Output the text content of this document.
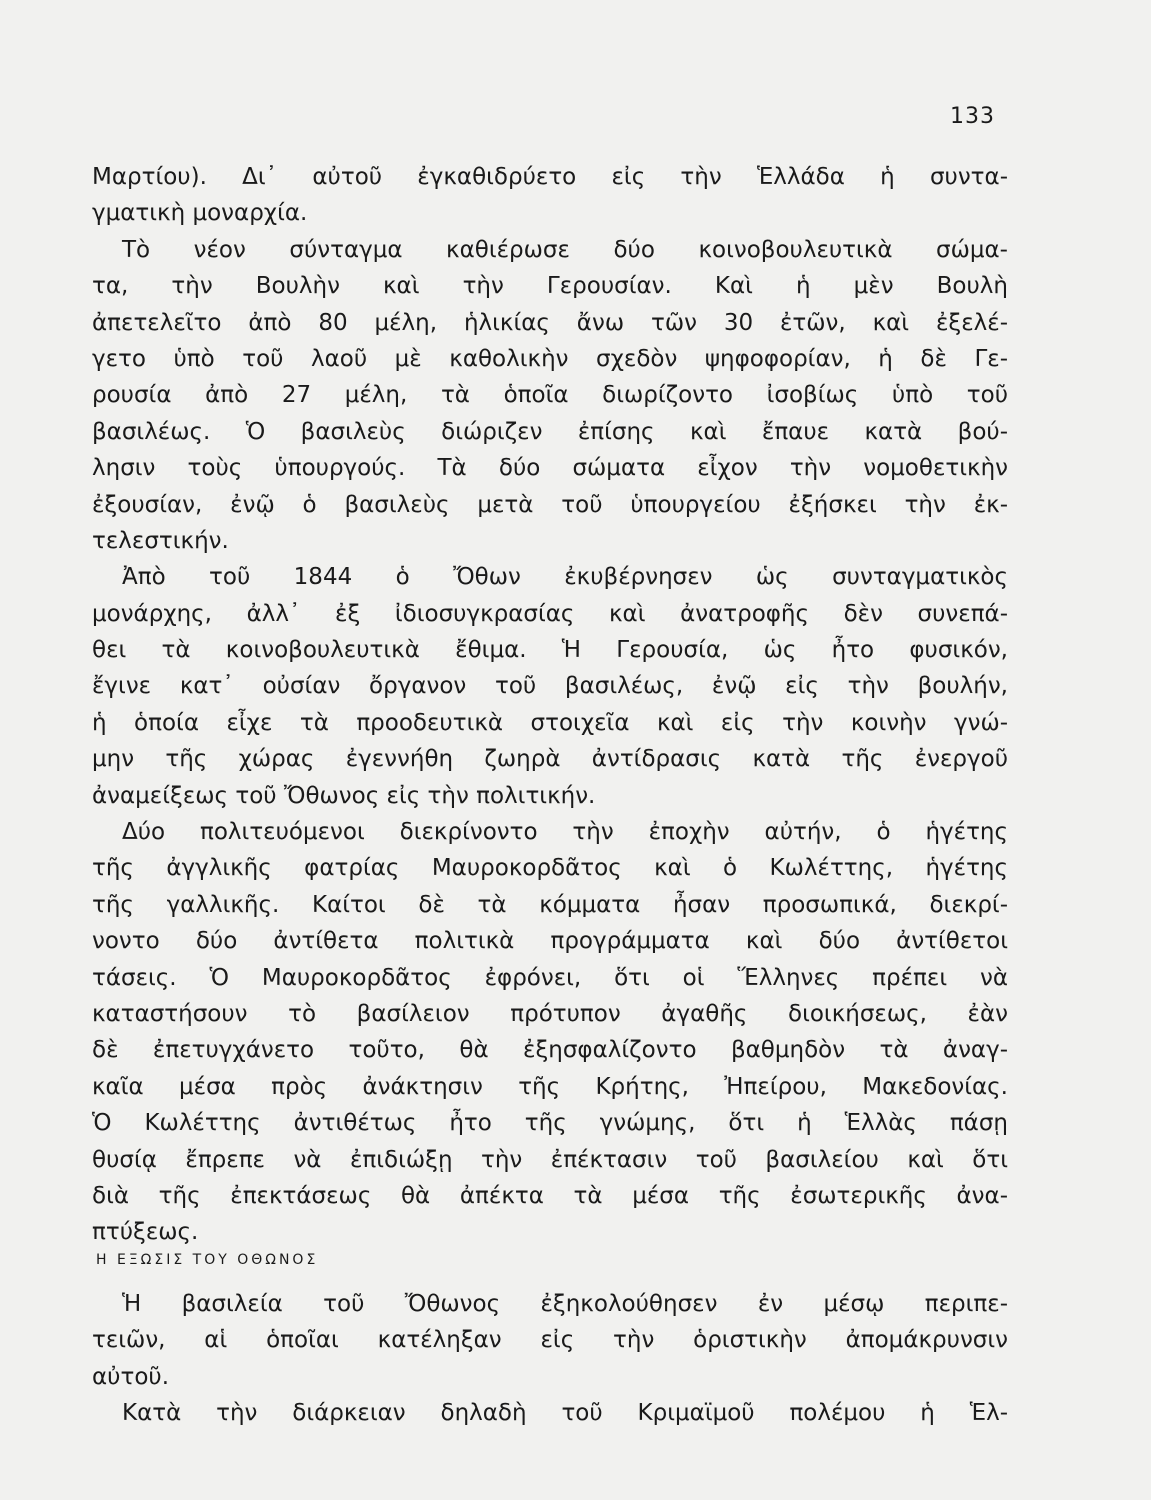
133
Μαρτίου). Δι᾽ αὐτοῦ ἐγκαθιδρύετο εἰς τὴν Ἑλλάδα ἡ συντα-
γματικὴ μοναρχία.
Τὸ νέον σύνταγμα καθιέρωσε δύο κοινοβουλευτικὰ σώμα-
τα, τὴν Βουλὴν καὶ τὴν Γερουσίαν. Καὶ ἡ μὲν Βουλὴ
ἀπετελεῖτο ἀπὸ 80 μέλη, ἡλικίας ἄνω τῶν 30 ἐτῶν, καὶ ἐξελέ-
γετο ὑπὸ τοῦ λαοῦ μὲ καθολικὴν σχεδὸν ψηφοφορίαν, ἡ δὲ Γε-
ρουσία ἀπὸ 27 μέλη, τὰ ὁποῖα διωρίζοντο ἰσοβίως ὑπὸ τοῦ
βασιλέως. Ὁ βασιλεὺς διώριζεν ἐπίσης καὶ ἔπαυε κατὰ βού-
λησιν τοὺς ὑπουργούς. Τὰ δύο σώματα εἶχον τὴν νομοθετικὴν
ἐξουσίαν, ἐνῷ ὁ βασιλεὺς μετὰ τοῦ ὑπουργείου ἐξήσκει τὴν ἐκ-
τελεστικήν.
Ἀπὸ τοῦ 1844 ὁ Ὄθων ἐκυβέρνησεν ὡς συνταγματικὸς
μονάρχης, ἀλλ᾽ ἐξ ἰδιοσυγκρασίας καὶ ἀνατροφῆς δὲν συνεπά-
θει τὰ κοινοβουλευτικὰ ἔθιμα. Ἡ Γερουσία, ὡς ἦτο φυσικόν,
ἔγινε κατ᾽ οὐσίαν ὄργανον τοῦ βασιλέως, ἐνῷ εἰς τὴν βουλήν,
ἡ ὁποία εἶχε τὰ προοδευτικὰ στοιχεῖα καὶ εἰς τὴν κοινὴν γνώ-
μην τῆς χώρας ἐγεννήθη ζωηρὰ ἀντίδρασις κατὰ τῆς ἐνεργοῦ
ἀναμείξεως τοῦ Ὄθωνος εἰς τὴν πολιτικήν.
Δύο πολιτευόμενοι διεκρίνοντο τὴν ἐποχὴν αὐτήν, ὁ ἡγέτης
τῆς ἀγγλικῆς φατρίας Μαυροκορδᾶτος καὶ ὁ Κωλέττης, ἡγέτης
τῆς γαλλικῆς. Καίτοι δὲ τὰ κόμματα ἦσαν προσωπικά, διεκρί-
νοντο δύο ἀντίθετα πολιτικὰ προγράμματα καὶ δύο ἀντίθετοι
τάσεις. Ὁ Μαυροκορδᾶτος ἐφρόνει, ὅτι οἱ Ἕλληνες πρέπει νὰ
καταστήσουν τὸ βασίλειον πρότυπον ἀγαθῆς διοικήσεως, ἐὰν
δὲ ἐπετυγχάνετο τοῦτο, θὰ ἐξησφαλίζοντο βαθμηδὸν τὰ ἀναγ-
καῖα μέσα πρὸς ἀνάκτησιν τῆς Κρήτης, Ἠπείρου, Μακεδονίας.
Ὁ Κωλέττης ἀντιθέτως ἦτο τῆς γνώμης, ὅτι ἡ Ἑλλὰς πάσῃ
θυσίᾳ ἔπρεπε νὰ ἐπιδιώξῃ τὴν ἐπέκτασιν τοῦ βασιλείου καὶ ὅτι
διὰ τῆς ἐπεκτάσεως θὰ ἀπέκτα τὰ μέσα τῆς ἐσωτερικῆς ἀνα-
πτύξεως.
Η ΕΞΩΣΙΣ ΤΟΥ ΟΘΩΝΟΣ
Ἡ βασιλεία τοῦ Ὄθωνος ἐξηκολούθησεν ἐν μέσῳ περιπε-
τειῶν, αἱ ὁποῖαι κατέληξαν εἰς τὴν ὁριστικὴν ἀπομάκρυνσιν
αὐτοῦ.
Κατὰ τὴν διάρκειαν δηλαδὴ τοῦ Κριμαϊμοῦ πολέμου ἡ Ἑλ-
